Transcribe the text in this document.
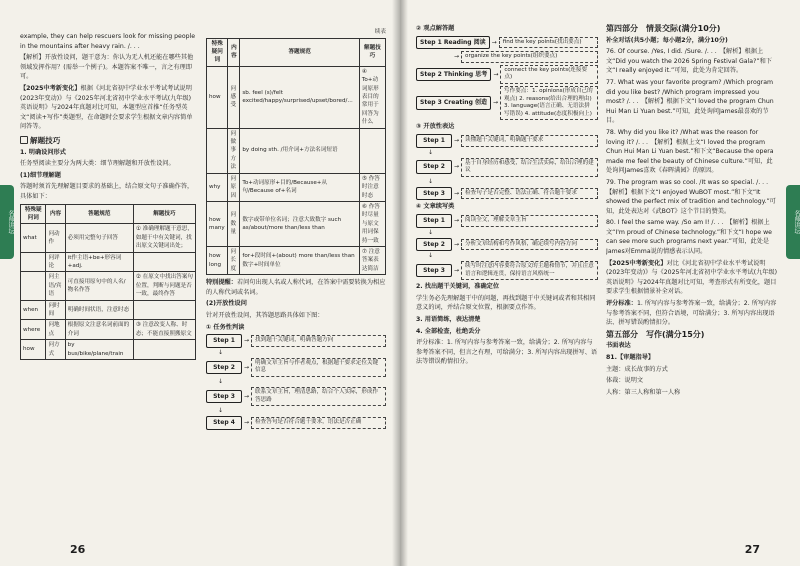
名师讲坛

example, they can help rescuers look for missing people in the mountains after heavy rain. /. . .

【解析】开放性设问，题干意为：你认为无人机还能在哪些其他领域发挥作用？(需举一个例子)。本题答案不唯一，言之有理即可。

【2025中考新变化】根据《河北省初中学业水平考试考试说明(2023年变动)》与《2025年河北省初中学业水平考试(九年级)英语说明》与2024年真题对比可知，本题型应首推“任务型英文“阅读+写作”类题型，在命题时会要求学生根据文章内容简单问答等。

解题技巧

1. 明确设问形式

任务型阅读主要分为两大类：细节理解题和开放性设问。

(1)细节理解题

答题时须首先理解题目要求的基础上，结合原文句子准确作答，具体如下：

特殊疑问词	内容	答题规范	解题技巧
what	问动作	必须用完整句子回答	① 准确理解题干意思，如题干中有关键词，找出原文关键词出处；
	问评论	it作主语+be+形容词+adj.	
	问主语/宾语	可直接用原句中的人名/物名作答	② 在原文中找出答案句位置，判断与问题是否一致，最终作答
when	问时间	明确时间状语，注意时态	
where	问地点	根据原文注意名词前面的介词	③ 注意改变人称、时态；不能直接照搬原文
how	问方式	by bus/bike/plane/train	
续表
特殊疑问词	内容	答题规范	解题技巧
how	问感受	sb. feel (s)/felt excited/happy/surprised/upset/bored/...	④ To+动词原形表目的常用于回答为什么
	问做事方法	by doing sth. /用介词+方法名词短语	
why	问原因	To+动词原形+目的/Because+从句/Because of+名词	⑤ 作答时注意时态
how many	问数量	数字或带单位名词；注意大致数字 such as/about/more than/less than	⑥ 作答时尽量与原文用词保持一致
how long	问长度	for+段时间+(about) more than/less than 数字+时间单位	⑦ 注意答案表达简洁

特别提醒：若问句出现人名或人称代词，在答案中需要转换为相应的人称代词或名词。

(2)开放性设问

针对开放性设问，其答题思路具体如下图：

① 任务性判读

Step 1	→	找到题干关键词，明确答题方向
↓
Step 2	→
明确文章主旨与作者观点，根据题干要求定位关键信息
↓
Step 3	→
联系文章主旨，理清思路，结合个人实际，形成作答思路
↓
Step 4	→	检查答句是否符合题干要求，语法是否正确
26
名师讲坛

② 观点解答题

Step 1 Reading 阅读	→	find the key points(找出要点)
→	organize the key points(组织要点)
Step 2 Thinking 思考	→
connect the key points(连接要点)
Step 3 Creating 创造	→
写作要点：1. opinions(形成自己的观点) 2. reasons(给出合理的理由) 3. language(语言正确、无语法拼写错误) 4. attitude(态度积极向上)

③ 开放性表达

Step 1	→	读懂题干关键词，明确题干要求
↓
Step 2	→
基于自身经历和感受，结合生活实际，给出合理的建议
↓
Step 3	→	检查句子是否完整、语法正确、符合题干要求

④ 文章续写类

Step 1	→	阅读全文，理解文章主旨
↓
Step 2	→	分析文章结构和写作风格，确定续写内容方向
↓
Step 3	→
续写时注意内容要符合原文的主题和情节，并且注意语言和逻辑连贯，保持语言风格统一

2. 找出题干关键词，准确定位

学生务必先理解题干中的问题，再找到题干中关键词或者和其相同意义的词，并结合原文位置，根据要点作答。

3. 用语简练，表达清楚

4. 全部检查，杜绝丢分

评分标准：1. 所写内容与参考答案一致，给满分；2. 所写内容与参考答案不同，但言之有理，可给满分；3. 所写内容出现拼写、语法等错误酌情扣分。

第四部分　情景交际(满分10分)

补全对话(共5小题；每小题2分，满分10分)

76. Of course. /Yes, I did. /Sure. /. . .　【解析】根据上文“Did you watch the 2026 Spring Festival Gala?”和下文“I really enjoyed it.”可知，此处为肯定回答。

77. What was your favorite program? /Which program did you like best? /Which program impressed you most? /. . .　【解析】根据下文“I loved the program Chun Hui Man Li Yuan best.”可知，此处询问James最喜欢的节目。

78. Why did you like it? /What was the reason for loving it? /. . .　【解析】根据上文“I loved the program Chun Hui Man Li Yuan best.”和下文“Because the opera made me feel the beauty of Chinese culture.”可知，此处询问James喜欢《春晖满园》的原因。

79. The program was so cool. /It was so special. /. . .　【解析】根据下文“I enjoyed WuBOT most.”和下文“It showed the perfect mix of tradition and technology.”可知，此处表达对《武BOT》这个节目的赞美。

80. I feel the same way. /So am I! /. . .　【解析】根据上文“I'm proud of Chinese technology.”和下文“I hope we can see more such programs next year.”可知，此处是James对Emma说的情感表示认同。

【2025中考新变化】对比《河北省初中学业水平考试说明(2023年变动)》与《2025年河北省初中学业水平考试(九年级)英语说明》与2024年真题对比可知，考查形式有所变化，题目要求学生根据情景补全对话。

评分标准：1. 所写内容与参考答案一致，给满分；2. 所写内容与参考答案不同，但符合语境，可给满分；3. 所写内容出现语法、拼写错误酌情扣分。

第五部分　写作(满分15分)

书面表达

81.【审题指导】

主题：成长故事的方式

体裁：说明文

人称：第三人称和第一人称

27
